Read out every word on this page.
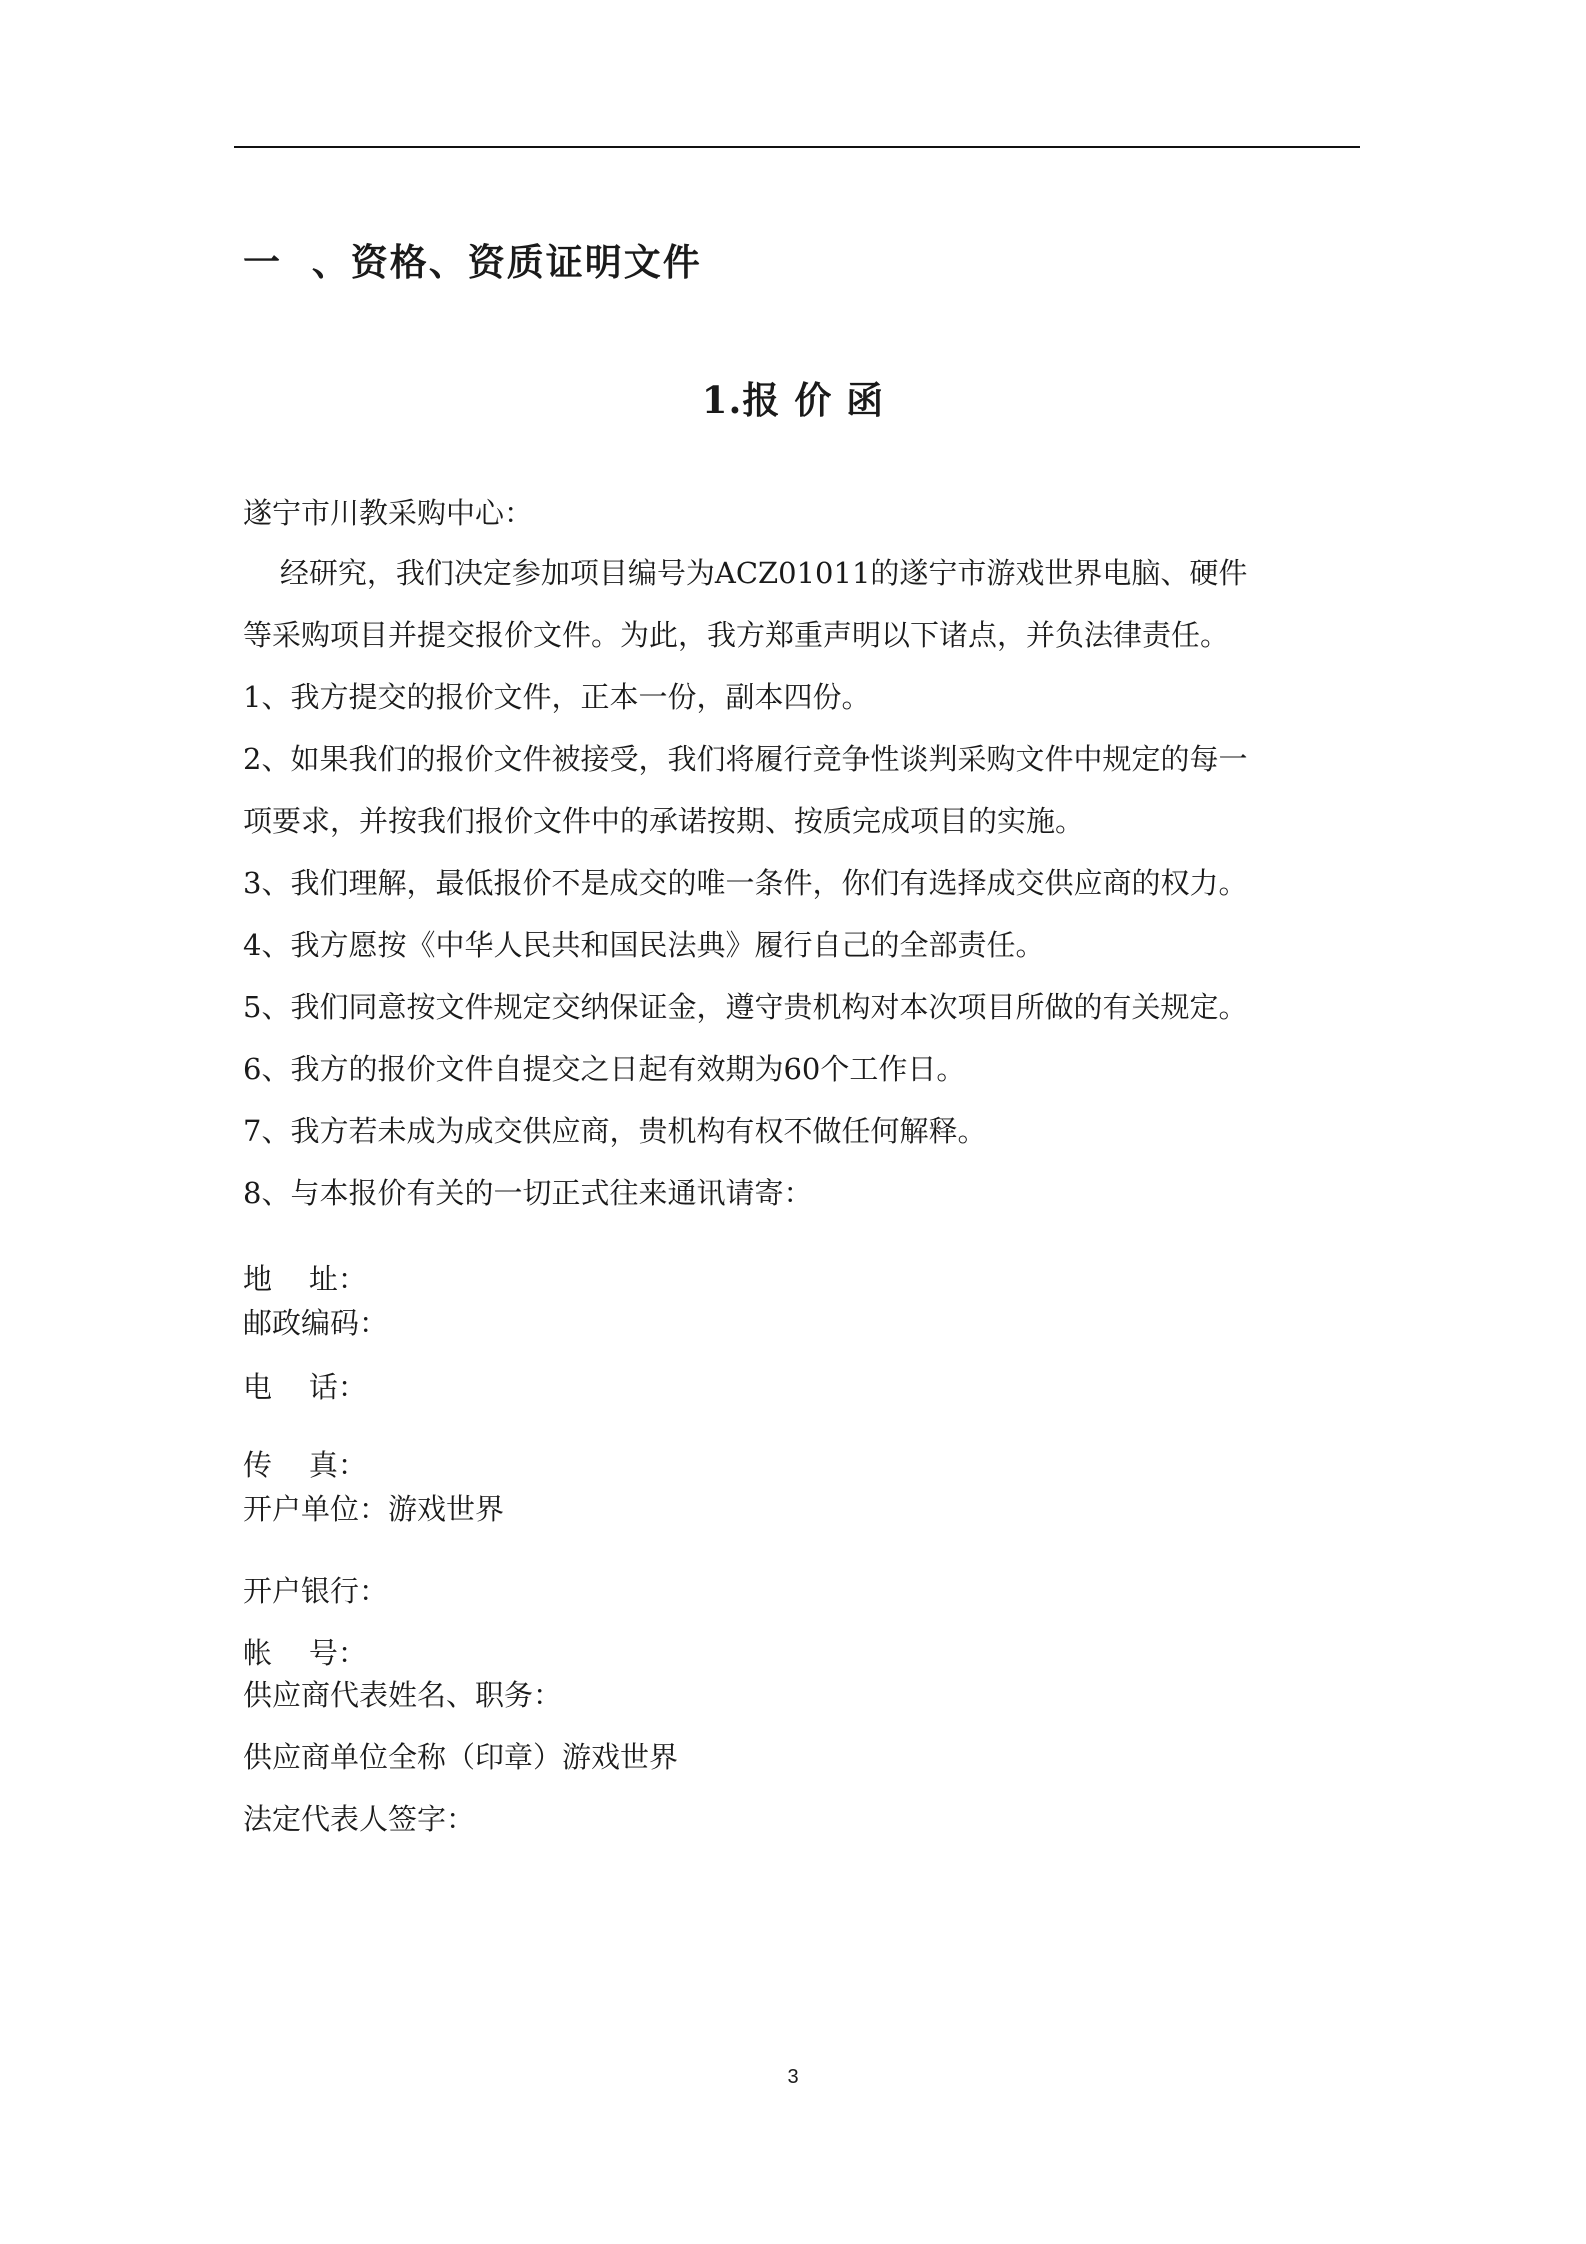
一  、资格、资质证明文件
1.报 价 函
遂宁市川教采购中心：
经研究，我们决定参加项目编号为ACZ01011的遂宁市游戏世界电脑、硬件
等采购项目并提交报价文件。为此，我方郑重声明以下诸点，并负法律责任。
1、我方提交的报价文件，正本一份，副本四份。
2、如果我们的报价文件被接受，我们将履行竞争性谈判采购文件中规定的每一
项要求，并按我们报价文件中的承诺按期、按质完成项目的实施。
3、我们理解，最低报价不是成交的唯一条件，你们有选择成交供应商的权力。
4、我方愿按《中华人民共和国民法典》履行自己的全部责任。
5、我们同意按文件规定交纳保证金，遵守贵机构对本次项目所做的有关规定。
6、我方的报价文件自提交之日起有效期为60个工作日。
7、我方若未成为成交供应商，贵机构有权不做任何解释。
8、与本报价有关的一切正式往来通讯请寄：
地    址：
邮政编码：
电    话：
传    真：
开户单位：游戏世界
开户银行：
帐    号：
供应商代表姓名、职务：
供应商单位全称（印章）游戏世界
法定代表人签字：
3
